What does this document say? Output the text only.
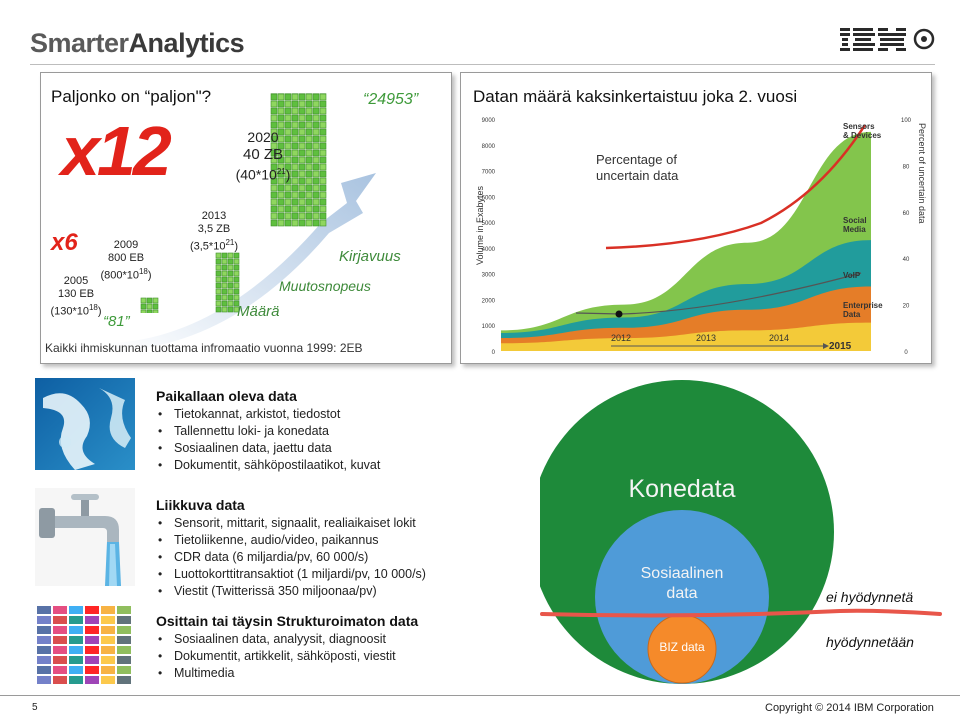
SmarterAnalytics
Paljonko on “paljon"?
x12
x6
“24953”
“81”
2020
40 ZB
$(40*10^{21})$
2013
3,5 ZB
$(3,5*10^{21})$
2009
800 EB
$(800*10^{18})$
2005
130 EB
$(130*10^{18})$
Kirjavuus
Muutosnopeus
Määrä
Kaikki ihmiskunnan tuottama infromaatio vuonna 1999: 2EB
Datan määrä kaksinkertaistuu joka 2. vuosi
0
1000
2000
3000
4000
5000
6000
7000
8000
9000
0
20
40
60
80
100
Volume in Exabytes
Percent of uncertain data
Percentage of
uncertain data
Sensors & Devices
Social Media
VoIP
Enterprise Data
2012	2013	2014
2015
Paikallaan oleva data
• Tietokannat, arkistot, tiedostot
• Tallennettu loki- ja konedata
• Sosiaalinen data, jaettu data
• Dokumentit, sähköpostilaatikot, kuvat
Liikkuva data
• Sensorit, mittarit, signaalit, realiaikaiset lokit
• Tietoliikenne, audio/video, paikannus
• CDR data (6 miljardia/pv, 60 000/s)
• Luottokorttitransaktiot (1 miljardi/pv, 10 000/s)
• Viestit (Twitterissä 350 miljoonaa/pv)
Osittain tai täysin Strukturoimaton data
• Sosiaalinen data, analyysit, diagnoosit
• Dokumentit, artikkelit, sähköposti, viestit
• Multimedia
Konedata
Sosiaalinen
data
BIZ data
ei hyödynnetä
hyödynnetään
5	Copyright © 2014 IBM Corporation
